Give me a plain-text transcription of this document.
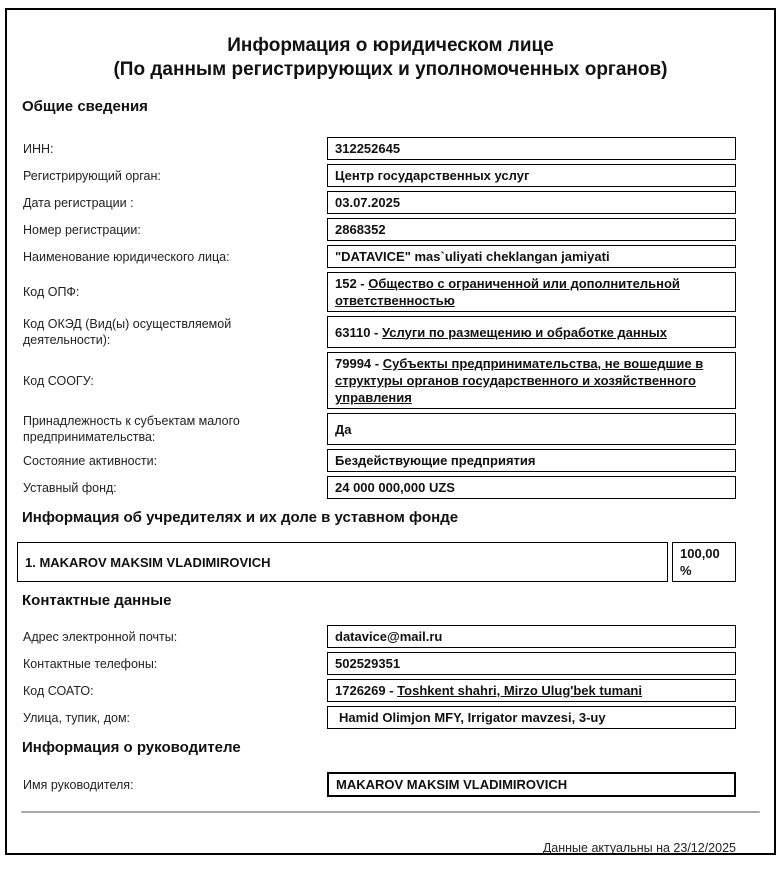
Информация о юридическом лице
(По данным регистрирующих и уполномоченных органов)
Общие сведения
ИНН:	312252645
Регистрирующий орган:	Центр государственных услуг
Дата регистрации :	03.07.2025
Номер регистрации:	2868352
Наименование юридического лица:	"DATAVICE" mas`uliyati cheklangan jamiyati
Код ОПФ:
152 - Общество с ограниченной или дополнительной ответственностью
Код ОКЭД (Вид(ы) осуществляемой деятельности):
63110 - Услуги по размещению и обработке данных
Код СООГУ:
79994 - Субъекты предпринимательства, не вошедшие в структуры органов государственного и хозяйственного управления
Принадлежность к субъектам малого предпринимательства:
Да
Состояние активности:	Бездействующие предприятия
Уставный фонд:	24 000 000,000 UZS
Информация об учредителях и их доле в уставном фонде
1. MAKAROV MAKSIM VLADIMIROVICH
100,00 %
Контактные данные
Адрес электронной почты:	datavice@mail.ru
Контактные телефоны:	502529351
Код СОАТО:	1726269 - Toshkent shahri, Mirzo Ulug'bek tumani
Улица, тупик, дом:	Hamid Olimjon MFY, Irrigator mavzesi, 3-uy
Информация о руководителе
Имя руководителя:	MAKAROV MAKSIM VLADIMIROVICH
Данные актуальны на 23/12/2025
